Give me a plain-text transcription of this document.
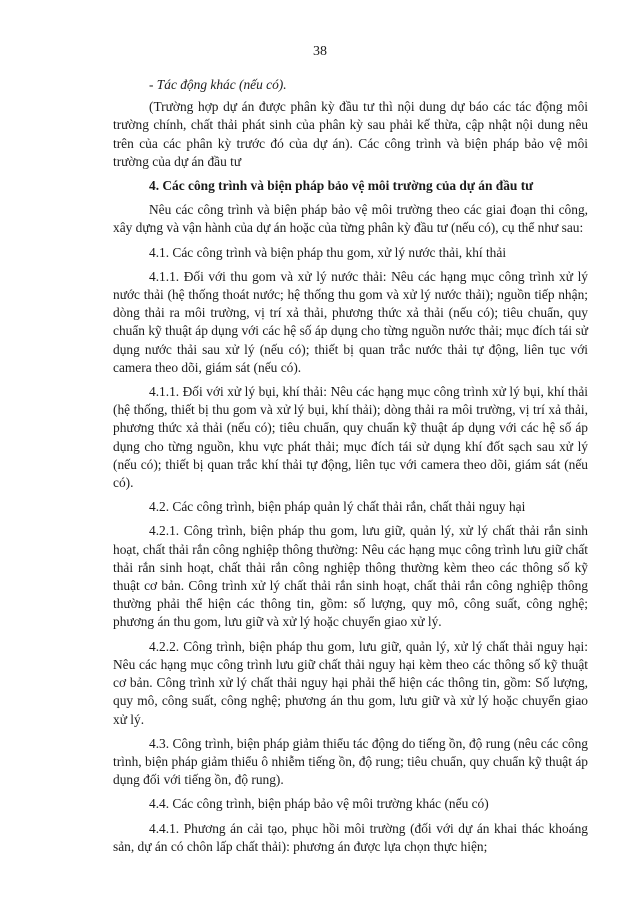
38

- Tác động khác (nếu có).

(Trường hợp dự án được phân kỳ đầu tư thì nội dung dự báo các tác động môi trường chính, chất thải phát sinh của phân kỳ sau phải kế thừa, cập nhật nội dung nêu trên của các phân kỳ trước đó của dự án). Các công trình và biện pháp bảo vệ môi trường của dự án đầu tư

4. Các công trình và biện pháp bảo vệ môi trường của dự án đầu tư

Nêu các công trình và biện pháp bảo vệ môi trường theo các giai đoạn thi công, xây dựng và vận hành của dự án hoặc của từng phân kỳ đầu tư (nếu có), cụ thể như sau:

4.1. Các công trình và biện pháp thu gom, xử lý nước thải, khí thải

4.1.1. Đối với thu gom và xử lý nước thải: Nêu các hạng mục công trình xử lý nước thải (hệ thống thoát nước; hệ thống thu gom và xử lý nước thải); nguồn tiếp nhận; dòng thải ra môi trường, vị trí xả thải, phương thức xả thải (nếu có); tiêu chuẩn, quy chuẩn kỹ thuật áp dụng với các hệ số áp dụng cho từng nguồn nước thải; mục đích tái sử dụng nước thải sau xử lý (nếu có); thiết bị quan trắc nước thải tự động, liên tục với camera theo dõi, giám sát (nếu có).

4.1.1. Đối với xử lý bụi, khí thải: Nêu các hạng mục công trình xử lý bụi, khí thải (hệ thống, thiết bị thu gom và xử lý bụi, khí thải); dòng thải ra môi trường, vị trí xả thải, phương thức xả thải (nếu có); tiêu chuẩn, quy chuẩn kỹ thuật áp dụng với các hệ số áp dụng cho từng nguồn, khu vực phát thải; mục đích tái sử dụng khí đốt sạch sau xử lý (nếu có); thiết bị quan trắc khí thải tự động, liên tục với camera theo dõi, giám sát (nếu có).

4.2. Các công trình, biện pháp quản lý chất thải rắn, chất thải nguy hại

4.2.1. Công trình, biện pháp thu gom, lưu giữ, quản lý, xử lý chất thải rắn sinh hoạt, chất thải rắn công nghiệp thông thường: Nêu các hạng mục công trình lưu giữ chất thải rắn sinh hoạt, chất thải rắn công nghiệp thông thường kèm theo các thông số kỹ thuật cơ bản. Công trình xử lý chất thải rắn sinh hoạt, chất thải rắn công nghiệp thông thường phải thể hiện các thông tin, gồm: số lượng, quy mô, công suất, công nghệ; phương án thu gom, lưu giữ và xử lý hoặc chuyển giao xử lý.

4.2.2. Công trình, biện pháp thu gom, lưu giữ, quản lý, xử lý chất thải nguy hại: Nêu các hạng mục công trình lưu giữ chất thải nguy hại kèm theo các thông số kỹ thuật cơ bản. Công trình xử lý chất thải nguy hại phải thể hiện các thông tin, gồm: Số lượng, quy mô, công suất, công nghệ; phương án thu gom, lưu giữ và xử lý hoặc chuyển giao xử lý.

4.3. Công trình, biện pháp giảm thiểu tác động do tiếng ồn, độ rung (nêu các công trình, biện pháp giảm thiểu ô nhiễm tiếng ồn, độ rung; tiêu chuẩn, quy chuẩn kỹ thuật áp dụng đối với tiếng ồn, độ rung).

4.4. Các công trình, biện pháp bảo vệ môi trường khác (nếu có)

4.4.1. Phương án cải tạo, phục hồi môi trường (đối với dự án khai thác khoáng sản, dự án có chôn lấp chất thải): phương án được lựa chọn thực hiện;
